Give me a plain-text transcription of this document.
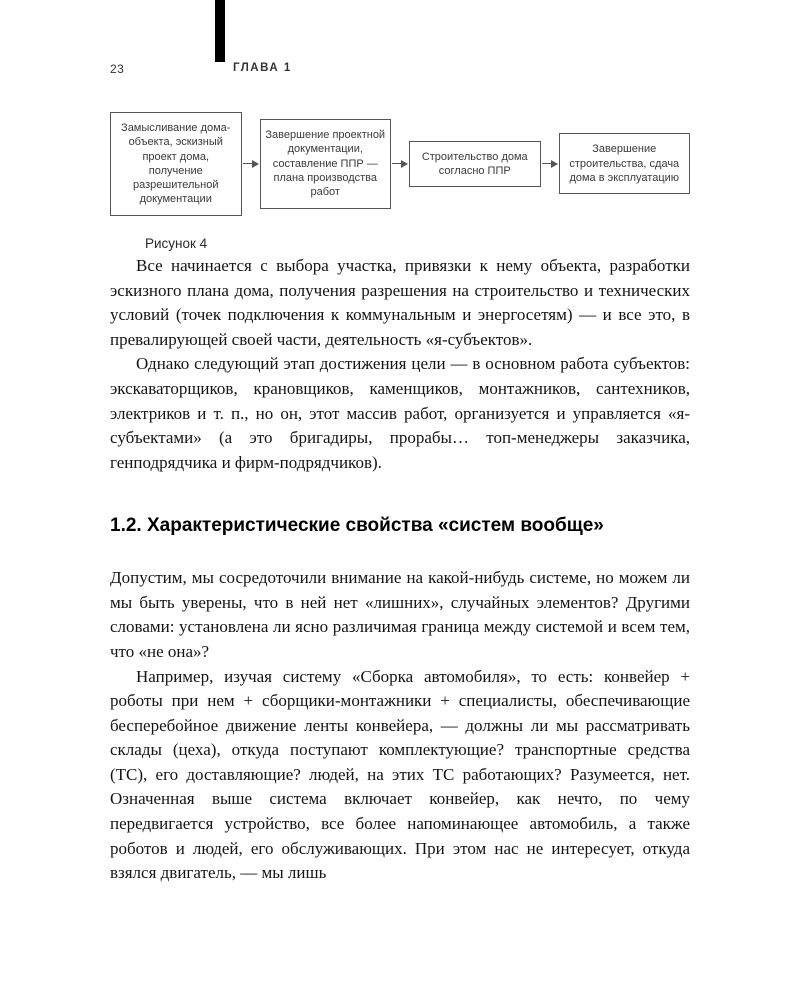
23	ГЛАВА 1
Замысливание дома-объекта, эскизный проект дома, получение разрешительной документации
Завершение проектной документации, составление ППР — плана производства работ
Строительство дома согласно ППР
Завершение строительства, сдача дома в эксплуатацию
Рисунок 4

Все начинается с выбора участка, привязки к нему объекта, разработки эскизного плана дома, получения разрешения на строительство и технических условий (точек подключения к коммунальным и энергосетям) — и все это, в превалирующей своей части, деятельность «я-субъектов».

Однако следующий этап достижения цели — в основном работа субъектов: экскаваторщиков, крановщиков, каменщиков, монтажников, сантехников, электриков и т. п., но он, этот массив работ, организуется и управляется «я-субъектами» (а это бригадиры, прорабы… топ-менеджеры заказчика, генподрядчика и фирм-подрядчиков).

1.2. Характеристические свойства «систем вообще»

Допустим, мы сосредоточили внимание на какой-нибудь системе, но можем ли мы быть уверены, что в ней нет «лишних», случайных элементов? Другими словами: установлена ли ясно различимая граница между системой и всем тем, что «не она»?

Например, изучая систему «Сборка автомобиля», то есть: конвейер + роботы при нем + сборщики-монтажники + специалисты, обеспечивающие бесперебойное движение ленты конвейера, — должны ли мы рассматривать склады (цеха), откуда поступают комплектующие? транспортные средства (ТС), его доставляющие? людей, на этих ТС работающих? Разумеется, нет. Означенная выше система включает конвейер, как нечто, по чему передвигается устройство, все более напоминающее автомобиль, а также роботов и людей, его обслуживающих. При этом нас не интересует, откуда взялся двигатель, — мы лишь
